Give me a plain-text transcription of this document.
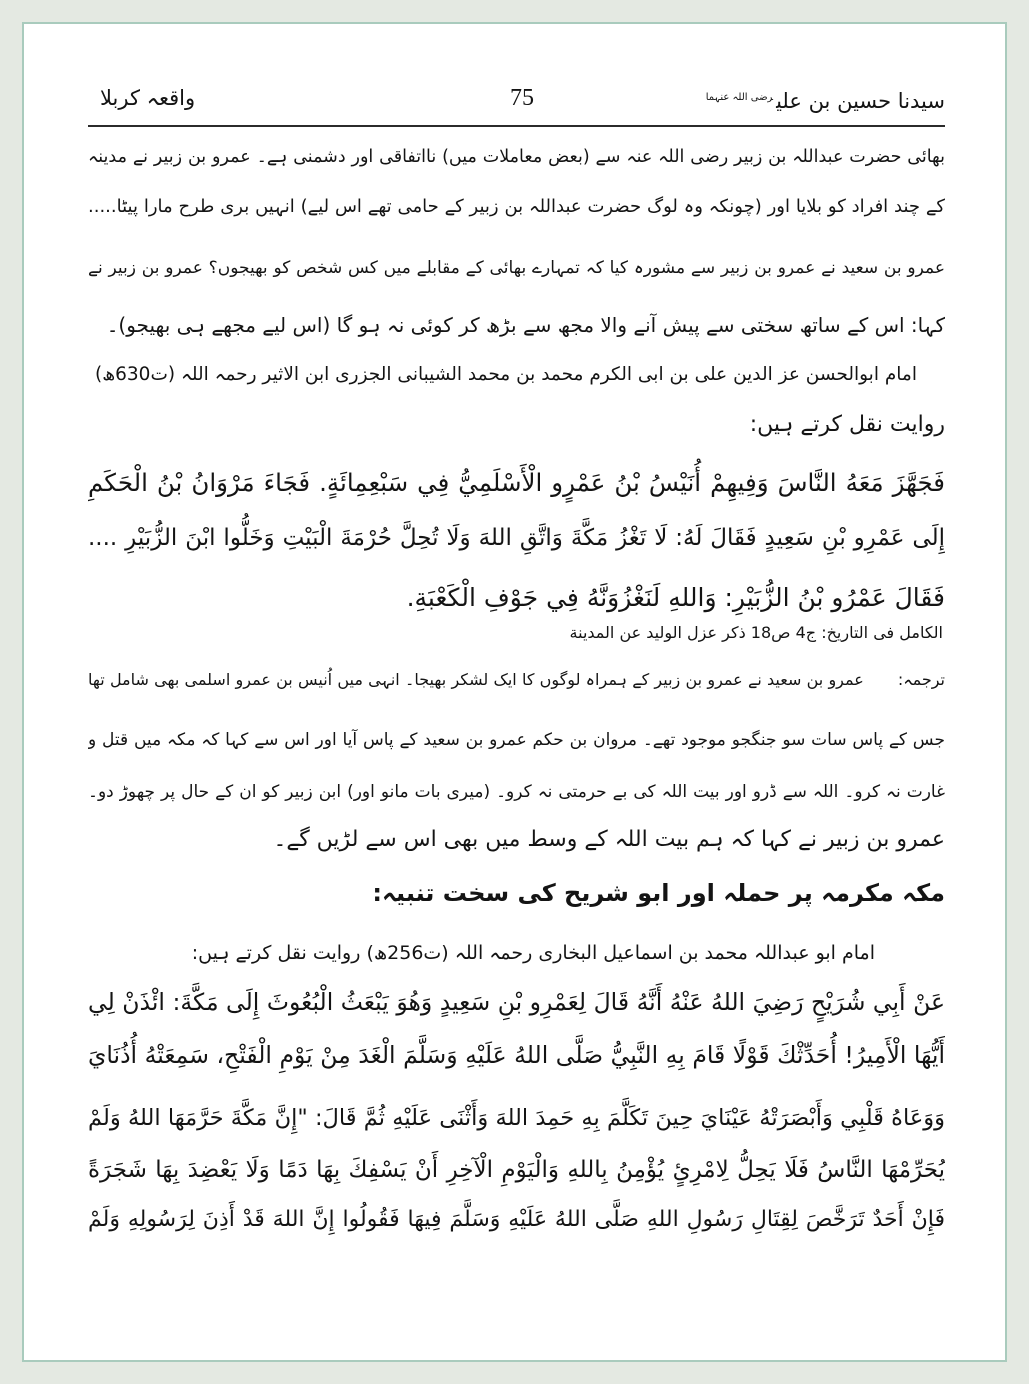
سیدنا حسین بن علی$^{رضی اللہ عنہما}$
75
واقعہ کربلا
بھائی حضرت عبداللہ بن زبیر رضی اللہ عنہ سے (بعض معاملات میں) نااتفاقی اور دشمنی ہے۔ عمرو بن زبیر نے مدینہ
کے چند افراد کو بلایا اور (چونکہ وہ لوگ حضرت عبداللہ بن زبیر کے حامی تھے اس لیے) انہیں بری طرح مارا پیٹا.....
عمرو بن سعید نے عمرو بن زبیر سے مشورہ کیا کہ تمہارے بھائی کے مقابلے میں کس شخص کو بھیجوں؟ عمرو بن زبیر نے
کہا: اس کے ساتھ سختی سے پیش آنے والا مجھ سے بڑھ کر کوئی نہ ہو گا (اس لیے مجھے ہی بھیجو)۔
امام ابوالحسن عز الدین علی بن ابی الکرم محمد بن محمد الشیبانی الجزری ابن الاثیر رحمہ اللہ (ت630ھ)
روایت نقل کرتے ہیں:
فَجَهَّزَ مَعَهُ النَّاسَ وَفِيهِمْ أُنَيْسُ بْنُ عَمْرٍو الْأَسْلَمِيُّ فِي سَبْعِمِائَةٍ. فَجَاءَ مَرْوَانُ بْنُ الْحَكَمِ
إِلَى عَمْرِو بْنِ سَعِيدٍ فَقَالَ لَهُ: لَا تَغْزُ مَكَّةَ وَاتَّقِ اللهَ وَلَا تُحِلَّ حُرْمَةَ الْبَيْتِ وَخَلُّوا ابْنَ الزُّبَيْرِ ....
فَقَالَ عَمْرُو بْنُ الزُّبَيْرِ: وَاللهِ لَنَغْزُوَنَّهُ فِي جَوْفِ الْكَعْبَةِ.
الکامل فی التاریخ: ج4 ص18 ذکر عزل الولید عن المدینة
ترجمہ:عمرو بن سعید نے عمرو بن زبیر کے ہمراہ لوگوں کا ایک لشکر بھیجا۔ انہی میں اُنیس بن عمرو اسلمی بھی شامل تھا
جس کے پاس سات سو جنگجو موجود تھے۔ مروان بن حکم عمرو بن سعید کے پاس آیا اور اس سے کہا کہ مکہ میں قتل و
غارت نہ کرو۔ اللہ سے ڈرو اور بیت اللہ کی بے حرمتی نہ کرو۔ (میری بات مانو اور) ابن زبیر کو ان کے حال پر چھوڑ دو۔
عمرو بن زبیر نے کہا کہ ہم بیت اللہ کے وسط میں بھی اس سے لڑیں گے۔
مکہ مکرمہ پر حملہ اور ابو شریح کی سخت تنبیہ:
امام ابو عبداللہ محمد بن اسماعیل البخاری رحمہ اللہ (ت256ھ) روایت نقل کرتے ہیں:
عَنْ أَبِي شُرَيْحٍ رَضِيَ اللهُ عَنْهُ أَنَّهُ قَالَ لِعَمْرِو بْنِ سَعِيدٍ وَهُوَ يَبْعَثُ الْبُعُوثَ إِلَى مَكَّةَ: ائْذَنْ لِي
أَيُّهَا الْأَمِيرُ! أُحَدِّثْكَ قَوْلًا قَامَ بِهِ النَّبِيُّ صَلَّى اللهُ عَلَيْهِ وَسَلَّمَ الْغَدَ مِنْ يَوْمِ الْفَتْحِ، سَمِعَتْهُ أُذُنَايَ
وَوَعَاهُ قَلْبِي وَأَبْصَرَتْهُ عَيْنَايَ حِينَ تَكَلَّمَ بِهِ حَمِدَ اللهَ وَأَثْنَى عَلَيْهِ ثُمَّ قَالَ: "إِنَّ مَكَّةَ حَرَّمَهَا اللهُ وَلَمْ
يُحَرِّمْهَا النَّاسُ فَلَا يَحِلُّ لِامْرِئٍ يُؤْمِنُ بِاللهِ وَالْيَوْمِ الْآخِرِ أَنْ يَسْفِكَ بِهَا دَمًا وَلَا يَعْضِدَ بِهَا شَجَرَةً
فَإِنْ أَحَدٌ تَرَخَّصَ لِقِتَالِ رَسُولِ اللهِ صَلَّى اللهُ عَلَيْهِ وَسَلَّمَ فِيهَا فَقُولُوا إِنَّ اللهَ قَدْ أَذِنَ لِرَسُولِهِ وَلَمْ
